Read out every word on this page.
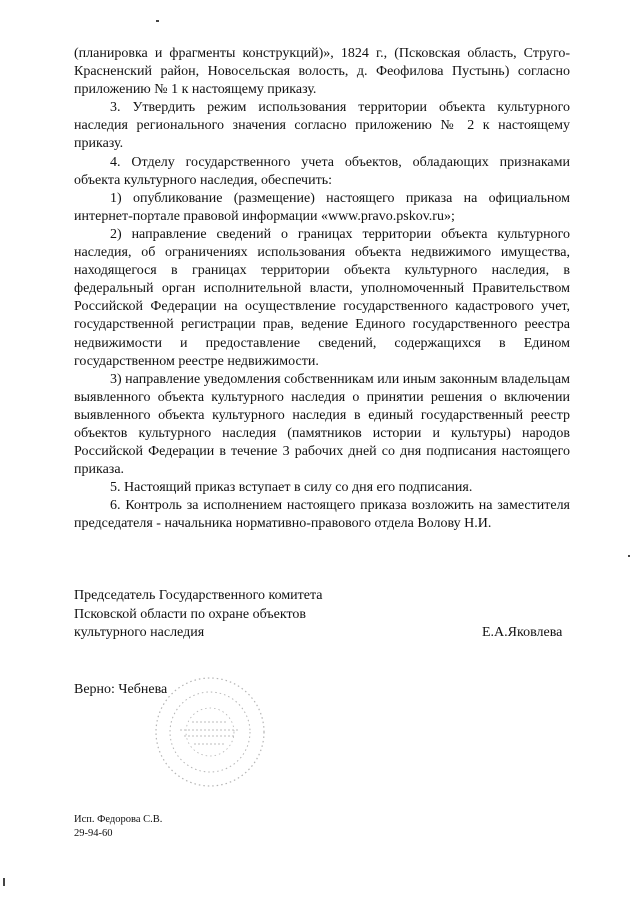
(планировка и фрагменты конструкций)», 1824 г., (Псковская область, Струго-Красненский район, Новосельская волость, д. Феофилова Пустынь) согласно приложению № 1 к настоящему приказу.

3. Утвердить режим использования территории объекта культурного наследия регионального значения согласно приложению № 2 к настоящему приказу.

4. Отделу государственного учета объектов, обладающих признаками объекта культурного наследия, обеспечить:

1) опубликование (размещение) настоящего приказа на официальном интернет-портале правовой информации «www.pravo.pskov.ru»;

2) направление сведений о границах территории объекта культурного наследия, об ограничениях использования объекта недвижимого имущества, находящегося в границах территории объекта культурного наследия, в федеральный орган исполнительной власти, уполномоченный Правительством Российской Федерации на осуществление государственного кадастрового учет, государственной регистрации прав, ведение Единого государственного реестра недвижимости и предоставление сведений, содержащихся в Едином государственном реестре недвижимости.

3) направление уведомления собственникам или иным законным владельцам выявленного объекта культурного наследия о принятии решения о включении выявленного объекта культурного наследия в единый государственный реестр объектов культурного наследия (памятников истории и культуры) народов Российской Федерации в течение 3 рабочих дней со дня подписания настоящего приказа.

5. Настоящий приказ вступает в силу со дня его подписания.

6. Контроль за исполнением настоящего приказа возложить на заместителя председателя - начальника нормативно-правового отдела Волову Н.И.

Председатель Государственного комитета
Псковской области по охране объектов
культурного наследия	Е.А.Яковлева
Верно: Чебнева
Исп. Федорова С.В.
29-94-60
